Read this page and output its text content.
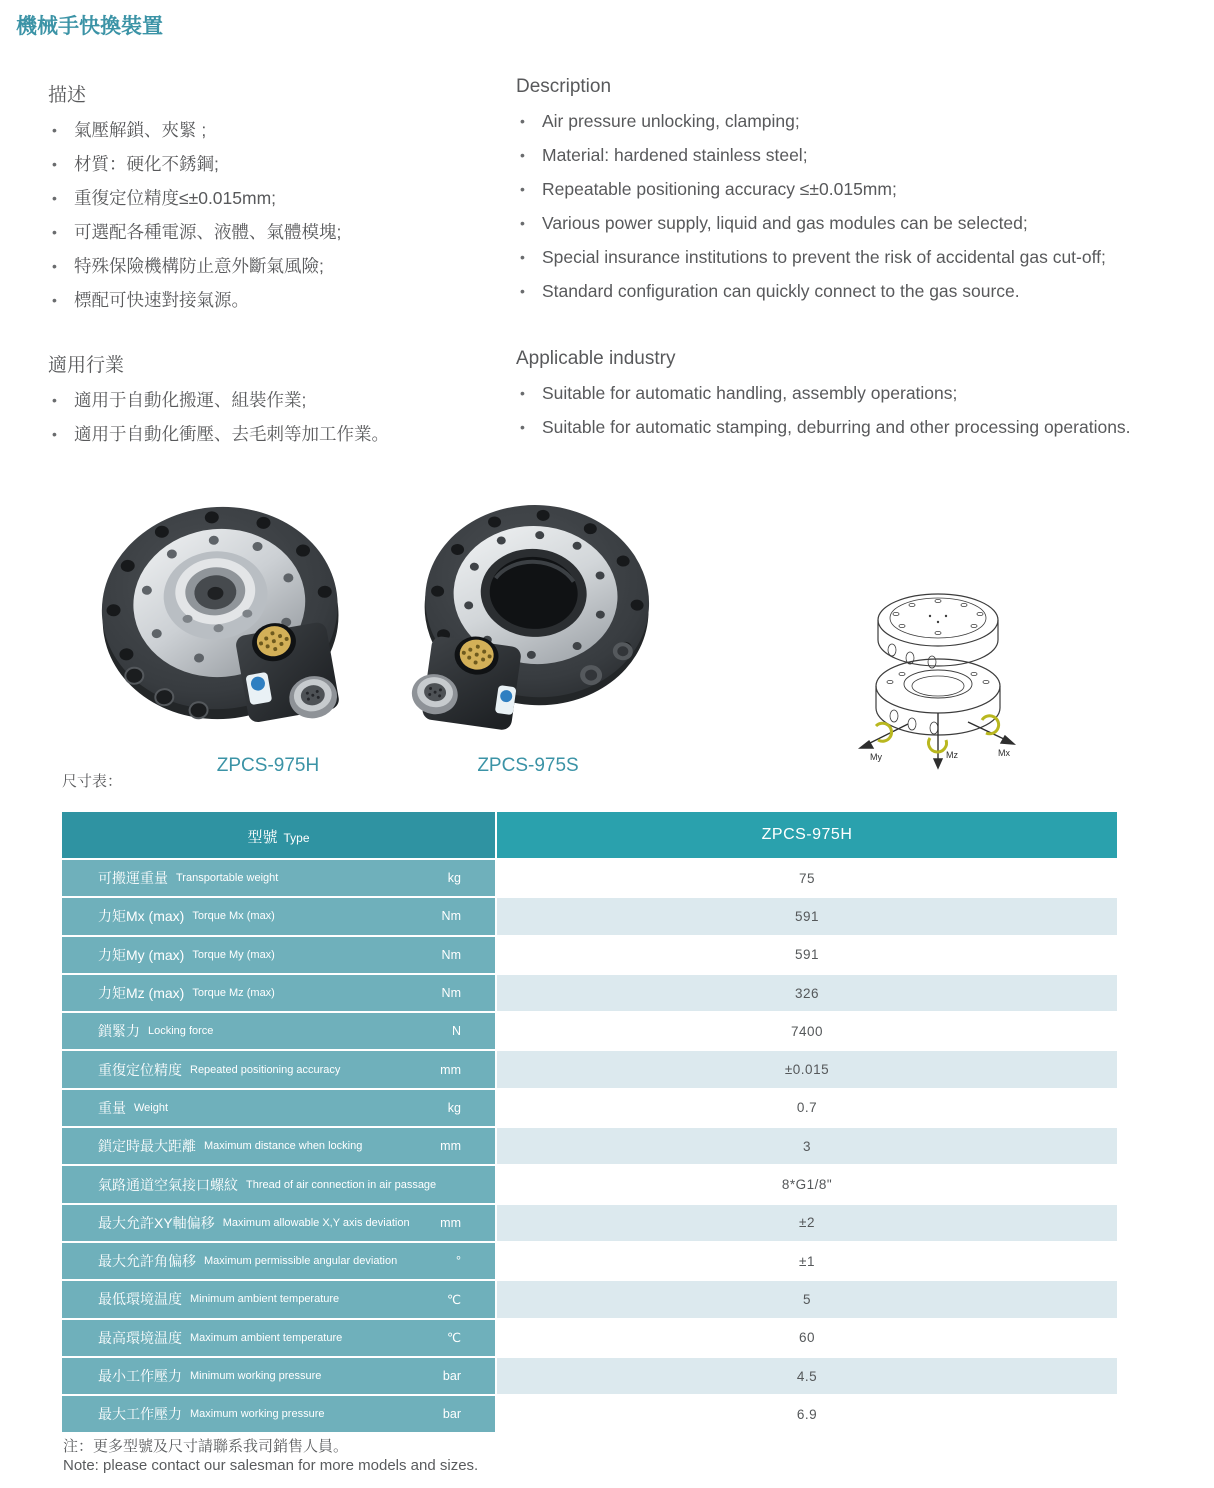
機械手快換裝置
描述
• 氣壓解鎖、夾緊 ;
• 材質：硬化不銹鋼;
• 重復定位精度≤±0.015mm;
• 可選配各種電源、液體、氣體模塊;
• 特殊保險機構防止意外斷氣風險;
• 標配可快速對接氣源。
Description
• Air pressure unlocking, clamping;
• Material: hardened stainless steel;
• Repeatable positioning accuracy ≤±0.015mm;
• Various power supply, liquid and gas modules can be selected;
• Special insurance institutions to prevent the risk of accidental gas cut-off;
• Standard configuration can quickly connect to the gas source.
適用行業
• 適用于自動化搬運、組裝作業;
• 適用于自動化衝壓、去毛刺等加工作業。
Applicable industry
• Suitable for automatic handling, assembly operations;
• Suitable for automatic stamping, deburring and other processing operations.
My	Mz	Mx
ZPCS-975H	ZPCS-975S
尺寸表：
型號 Type	ZPCS-975H
可搬運重量 Transportable weight	kg	75
力矩Mx (max) Torque Mx (max)	Nm	591
力矩My (max) Torque My (max)	Nm	591
力矩Mz (max) Torque Mz (max)	Nm	326
鎖緊力 Locking force	N	7400
重復定位精度 Repeated positioning accuracy	mm	±0.015
重量 Weight	kg	0.7
鎖定時最大距離 Maximum distance when locking	mm	3
氣路通道空氣接口螺紋 Thread of air connection in air passage	8*G1/8"
最大允許XY軸偏移 Maximum allowable X,Y axis deviation mm	±2
最大允許角偏移 Maximum permissible angular deviation	°	±1
最低環境温度 Minimum ambient temperature	℃	5
最高環境温度 Maximum ambient temperature	℃	60
最小工作壓力 Minimum working pressure	bar	4.5
最大工作壓力 Maximum working pressure	bar	6.9
注：更多型號及尺寸請聯系我司銷售人員。
Note: please contact our salesman for more models and sizes.
